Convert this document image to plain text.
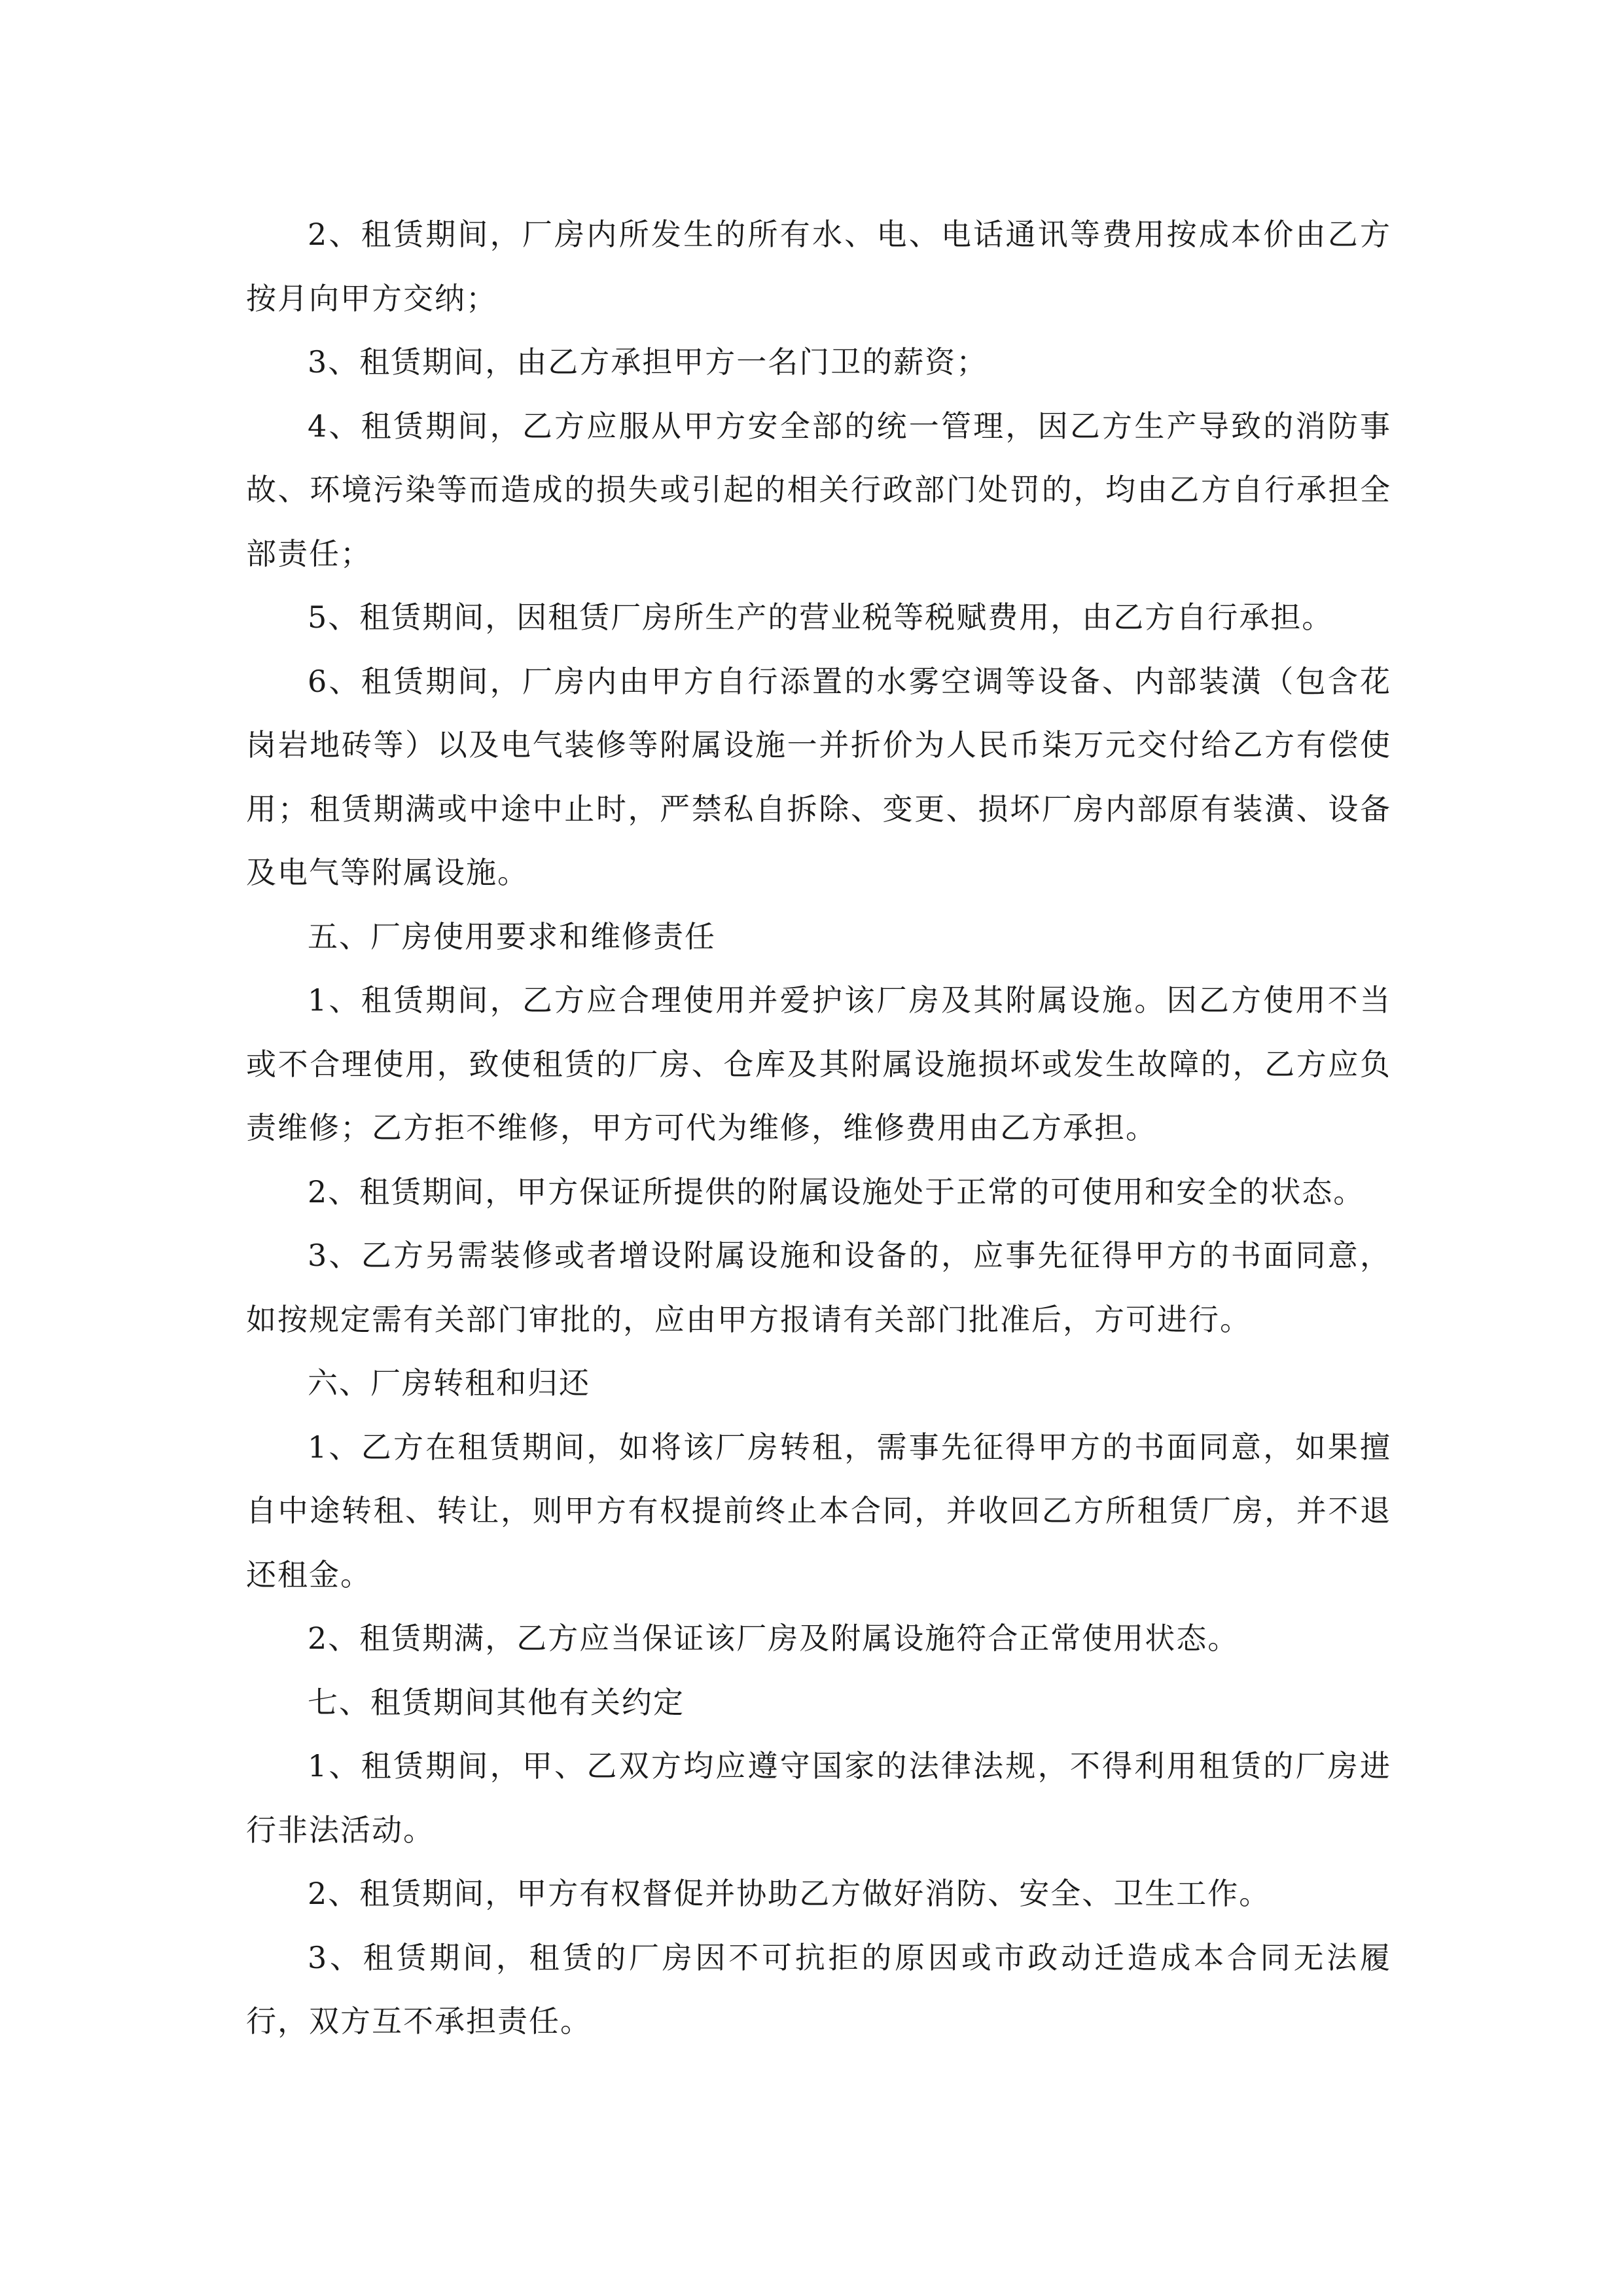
2、租赁期间，厂房内所发生的所有水、电、电话通讯等费用按成本价由乙方按月向甲方交纳；

3、租赁期间，由乙方承担甲方一名门卫的薪资；

4、租赁期间，乙方应服从甲方安全部的统一管理，因乙方生产导致的消防事故、环境污染等而造成的损失或引起的相关行政部门处罚的，均由乙方自行承担全部责任；

5、租赁期间，因租赁厂房所生产的营业税等税赋费用，由乙方自行承担。

6、租赁期间，厂房内由甲方自行添置的水雾空调等设备、内部装潢（包含花岗岩地砖等）以及电气装修等附属设施一并折价为人民币柒万元交付给乙方有偿使用；租赁期满或中途中止时，严禁私自拆除、变更、损坏厂房内部原有装潢、设备及电气等附属设施。

五、厂房使用要求和维修责任

1、租赁期间，乙方应合理使用并爱护该厂房及其附属设施。因乙方使用不当或不合理使用，致使租赁的厂房、仓库及其附属设施损坏或发生故障的，乙方应负责维修；乙方拒不维修，甲方可代为维修，维修费用由乙方承担。

2、租赁期间，甲方保证所提供的附属设施处于正常的可使用和安全的状态。

3、乙方另需装修或者增设附属设施和设备的，应事先征得甲方的书面同意，如按规定需有关部门审批的，应由甲方报请有关部门批准后，方可进行。

六、厂房转租和归还

1、乙方在租赁期间，如将该厂房转租，需事先征得甲方的书面同意，如果擅自中途转租、转让，则甲方有权提前终止本合同，并收回乙方所租赁厂房，并不退还租金。

2、租赁期满，乙方应当保证该厂房及附属设施符合正常使用状态。

七、租赁期间其他有关约定

1、租赁期间，甲、乙双方均应遵守国家的法律法规，不得利用租赁的厂房进行非法活动。

2、租赁期间，甲方有权督促并协助乙方做好消防、安全、卫生工作。

3、租赁期间，租赁的厂房因不可抗拒的原因或市政动迁造成本合同无法履行，双方互不承担责任。
